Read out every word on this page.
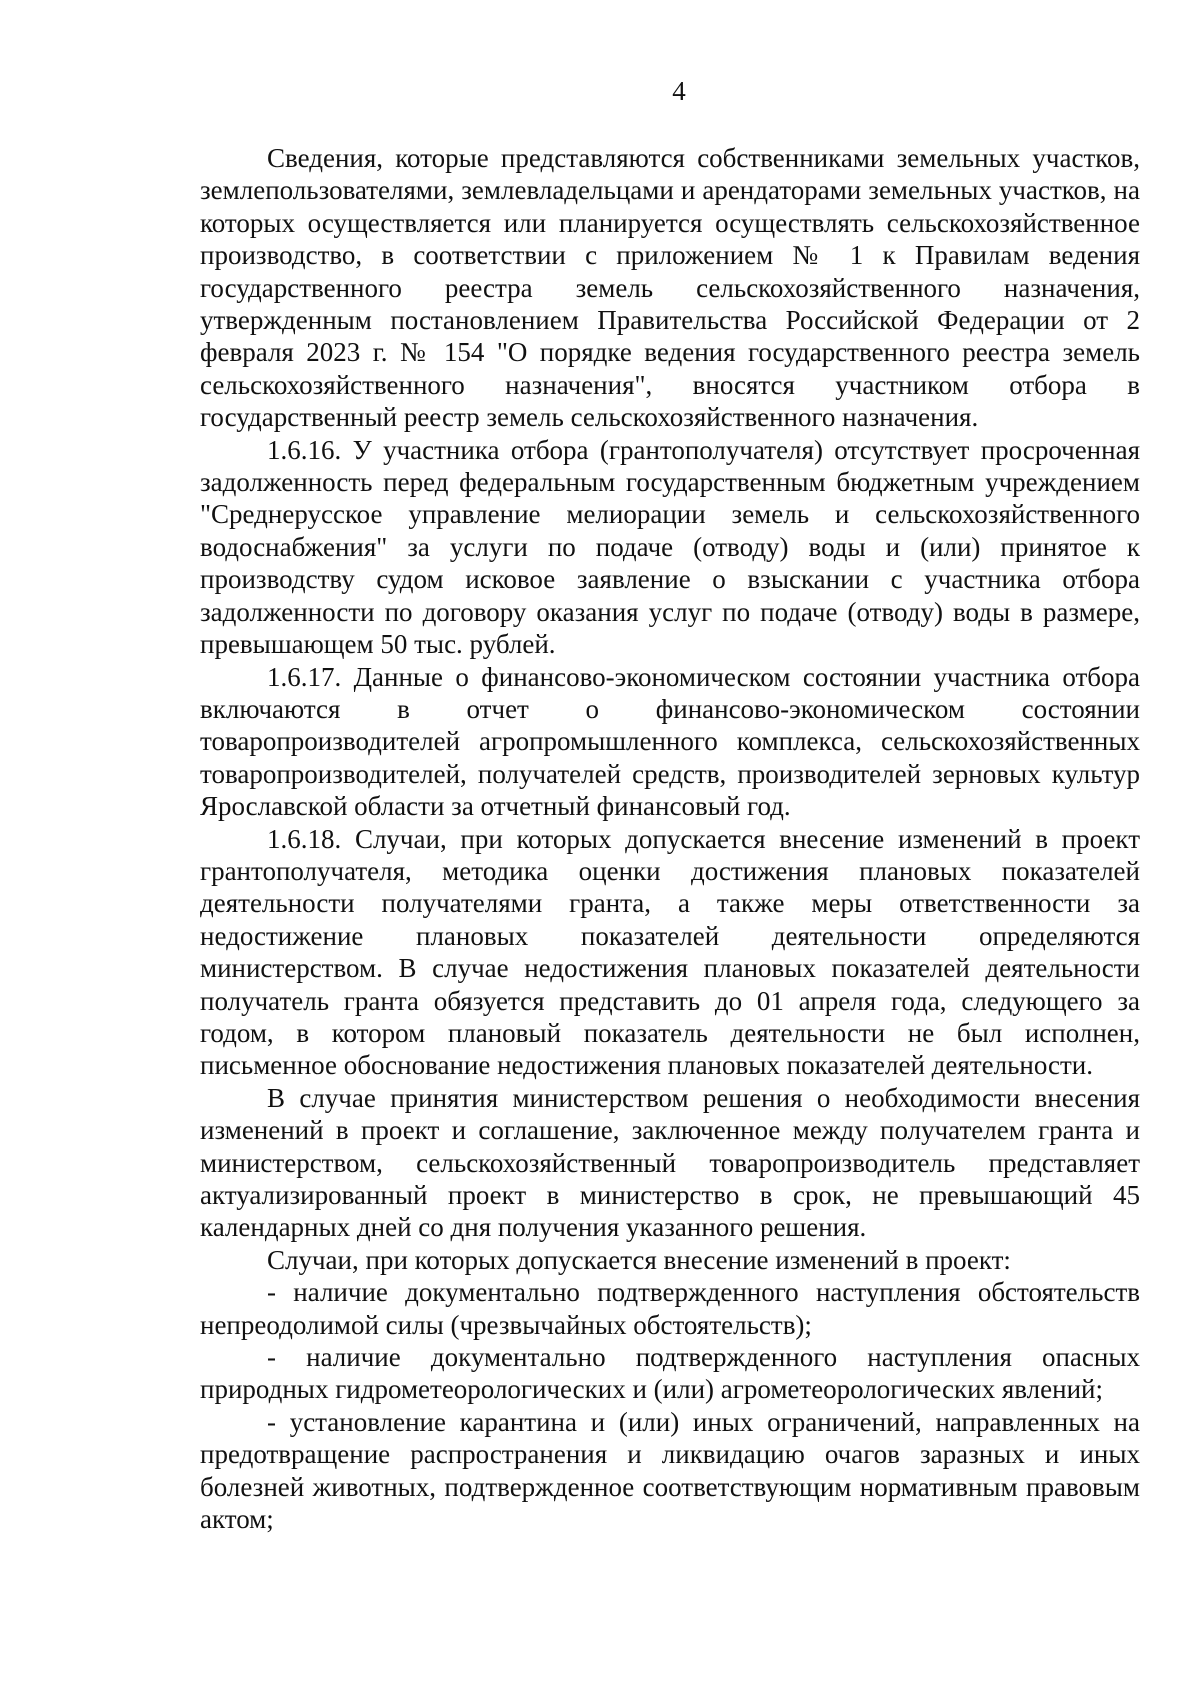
4

Сведения, которые представляются собственниками земельных участков, землепользователями, землевладельцами и арендаторами земельных участков, на которых осуществляется или планируется осуществлять сельскохозяйственное производство, в соответствии с приложением № 1 к Правилам ведения государственного реестра земель сельскохозяйственного назначения, утвержденным постановлением Правительства Российской Федерации от 2 февраля 2023 г. № 154 "О порядке ведения государственного реестра земель сельскохозяйственного назначения", вносятся участником отбора в государственный реестр земель сельскохозяйственного назначения.

1.6.16. У участника отбора (грантополучателя) отсутствует просроченная задолженность перед федеральным государственным бюджетным учреждением "Среднерусское управление мелиорации земель и сельскохозяйственного водоснабжения" за услуги по подаче (отводу) воды и (или) принятое к производству судом исковое заявление о взыскании с участника отбора задолженности по договору оказания услуг по подаче (отводу) воды в размере, превышающем 50 тыс. рублей.

1.6.17. Данные о финансово-экономическом состоянии участника отбора включаются в отчет о финансово-экономическом состоянии товаропроизводителей агропромышленного комплекса, сельскохозяйственных товаропроизводителей, получателей средств, производителей зерновых культур Ярославской области за отчетный финансовый год.

1.6.18. Случаи, при которых допускается внесение изменений в проект грантополучателя, методика оценки достижения плановых показателей деятельности получателями гранта, а также меры ответственности за недостижение плановых показателей деятельности определяются министерством. В случае недостижения плановых показателей деятельности получатель гранта обязуется представить до 01 апреля года, следующего за годом, в котором плановый показатель деятельности не был исполнен, письменное обоснование недостижения плановых показателей деятельности.

В случае принятия министерством решения о необходимости внесения изменений в проект и соглашение, заключенное между получателем гранта и министерством, сельскохозяйственный товаропроизводитель представляет актуализированный проект в министерство в срок, не превышающий 45 календарных дней со дня получения указанного решения.

Случаи, при которых допускается внесение изменений в проект:

- наличие документально подтвержденного наступления обстоятельств непреодолимой силы (чрезвычайных обстоятельств);

- наличие документально подтвержденного наступления опасных природных гидрометеорологических и (или) агрометеорологических явлений;

- установление карантина и (или) иных ограничений, направленных на предотвращение распространения и ликвидацию очагов заразных и иных болезней животных, подтвержденное соответствующим нормативным правовым актом;
